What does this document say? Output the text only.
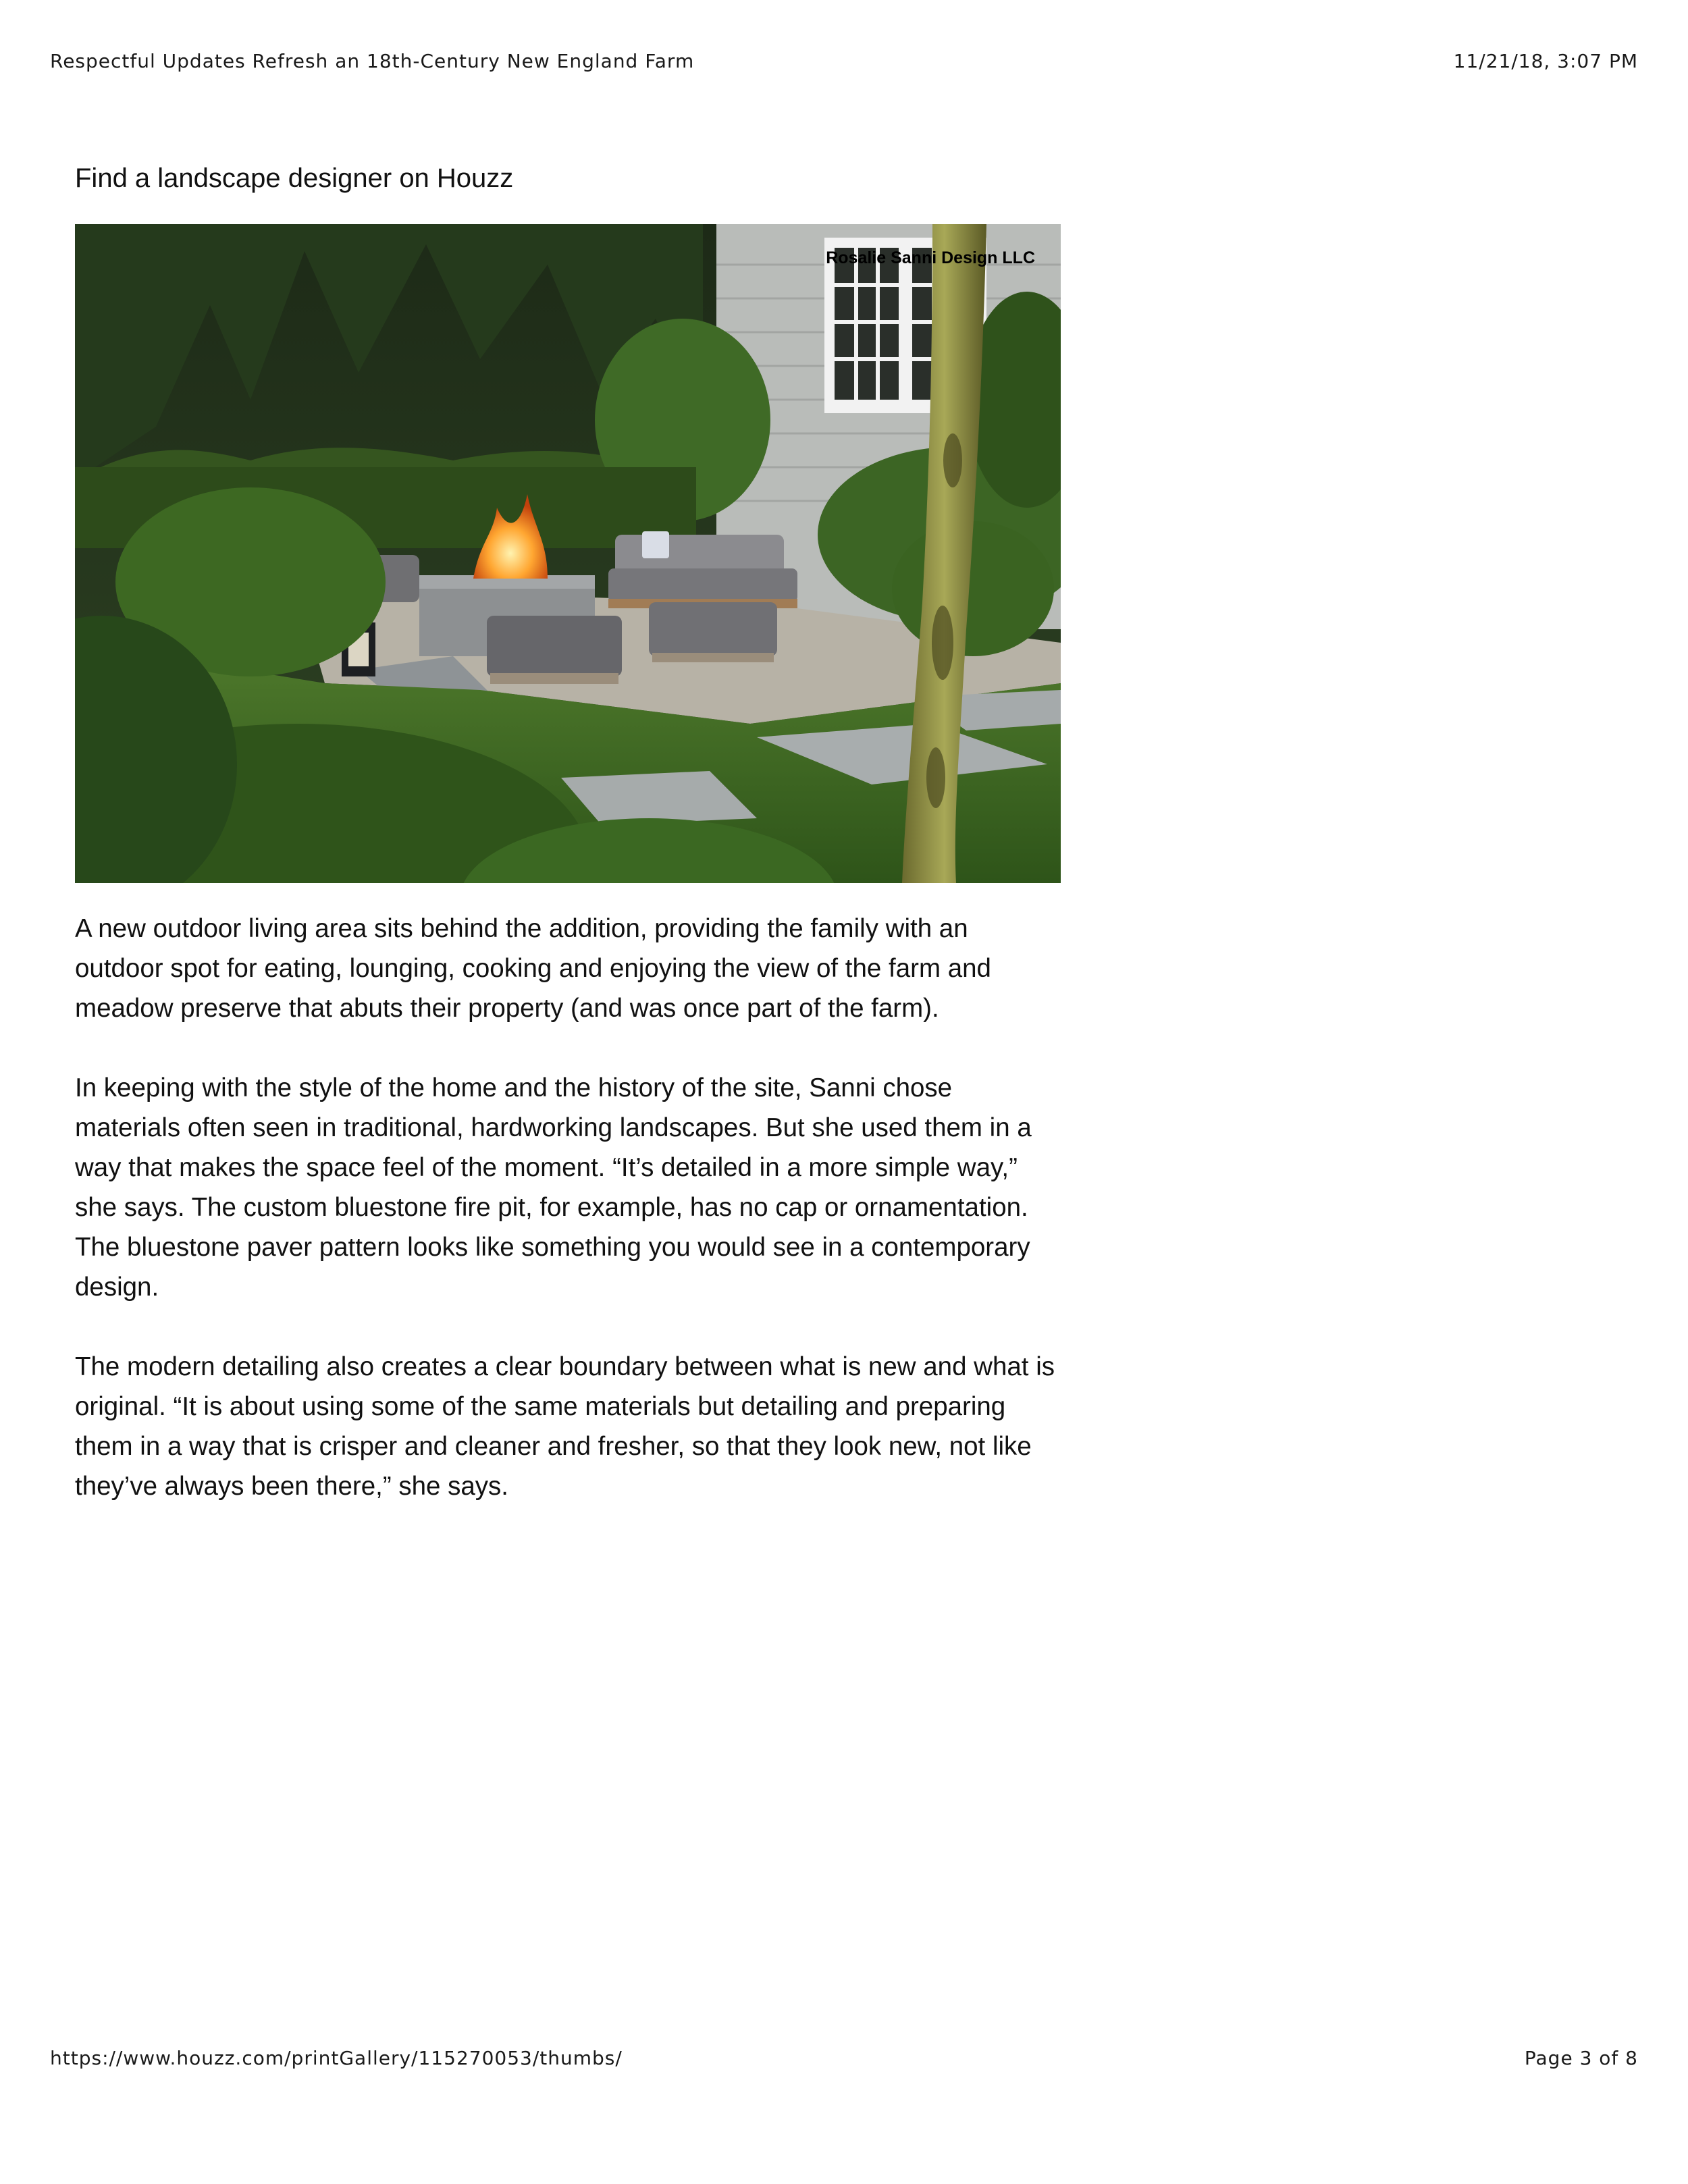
Respectful Updates Refresh an 18th-Century New England Farm	11/21/18, 3:07 PM
Find a landscape designer on Houzz
Rosalie Sanni Design LLC

A new outdoor living area sits behind the addition, providing the family with an outdoor spot for eating, lounging, cooking and enjoying the view of the farm and meadow preserve that abuts their property (and was once part of the farm).

In keeping with the style of the home and the history of the site, Sanni chose materials often seen in traditional, hardworking landscapes. But she used them in a way that makes the space feel of the moment. “It’s detailed in a more simple way,” she says. The custom bluestone fire pit, for example, has no cap or ornamentation. The bluestone paver pattern looks like something you would see in a contemporary design.

The modern detailing also creates a clear boundary between what is new and what is original. “It is about using some of the same materials but detailing and preparing them in a way that is crisper and cleaner and fresher, so that they look new, not like they’ve always been there,” she says.

https://www.houzz.com/printGallery/115270053/thumbs/	Page 3 of 8
